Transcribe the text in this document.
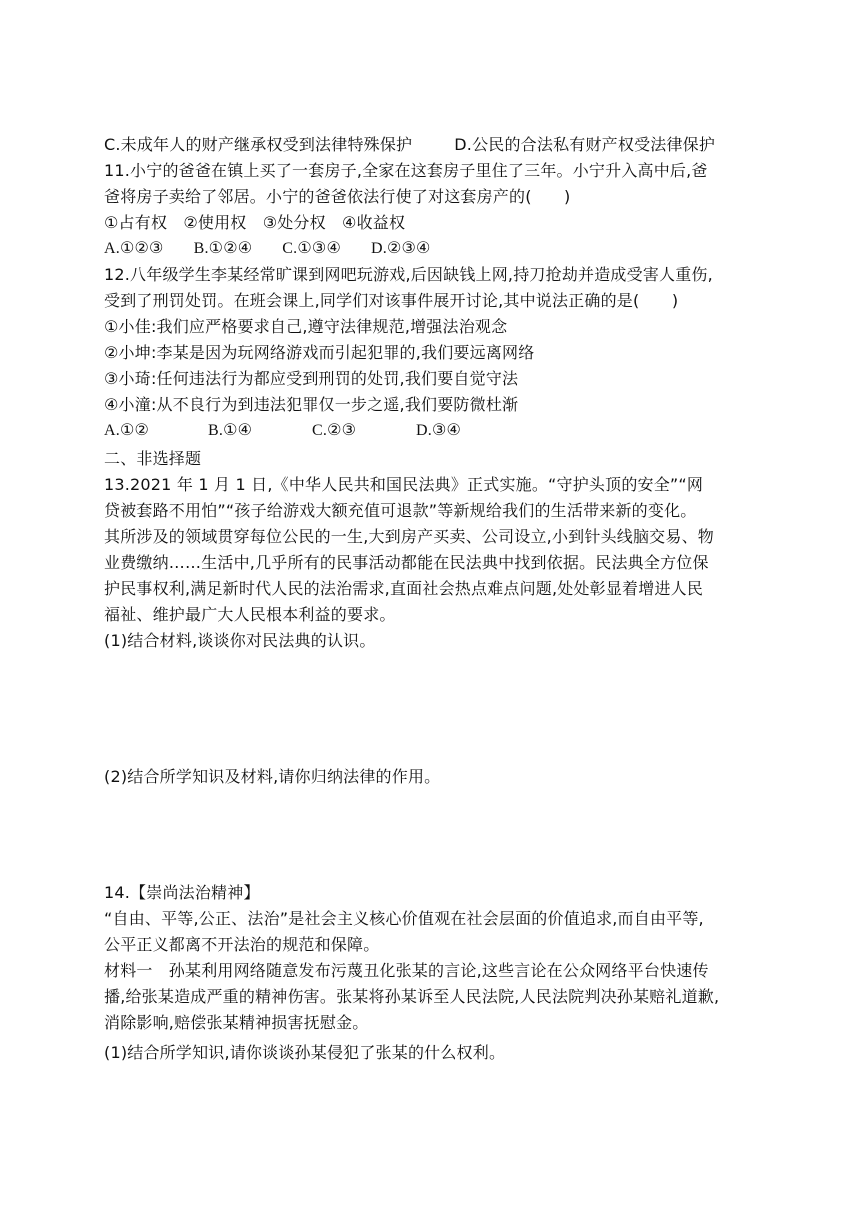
C.未成年人的财产继承权受到法律特殊保护	D.公民的合法私有财产权受法律保护
11.小宁的爸爸在镇上买了一套房子,全家在这套房子里住了三年。小宁升入高中后,爸
爸将房子卖给了邻居。小宁的爸爸依法行使了对这套房产的(　　)
①占有权　②使用权　③处分权　④收益权
A.①②③ B.①②④ C.①③④ D.②③④
12.八年级学生李某经常旷课到网吧玩游戏,后因缺钱上网,持刀抢劫并造成受害人重伤,
受到了刑罚处罚。在班会课上,同学们对该事件展开讨论,其中说法正确的是(　　)
①小佳:我们应严格要求自己,遵守法律规范,增强法治观念
②小坤:李某是因为玩网络游戏而引起犯罪的,我们要远离网络
③小琦:任何违法行为都应受到刑罚的处罚,我们要自觉守法
④小潼:从不良行为到违法犯罪仅一步之遥,我们要防微杜渐
A.①②	B.①④	C.②③	D.③④
二、非选择题
13.2021 年 1 月 1 日,《中华人民共和国民法典》正式实施。“守护头顶的安全”“网
贷被套路不用怕”“孩子给游戏大额充值可退款”等新规给我们的生活带来新的变化。
其所涉及的领域贯穿每位公民的一生,大到房产买卖、公司设立,小到针头线脑交易、物
业费缴纳……生活中,几乎所有的民事活动都能在民法典中找到依据。民法典全方位保
护民事权利,满足新时代人民的法治需求,直面社会热点难点问题,处处彰显着增进人民
福祉、维护最广大人民根本利益的要求。
(1)结合材料,谈谈你对民法典的认识。
(2)结合所学知识及材料,请你归纳法律的作用。
14.【崇尚法治精神】
“自由、平等,公正、法治”是社会主义核心价值观在社会层面的价值追求,而自由平等,
公平正义都离不开法治的规范和保障。
材料一　孙某利用网络随意发布污蔑丑化张某的言论,这些言论在公众网络平台快速传
播,给张某造成严重的精神伤害。张某将孙某诉至人民法院,人民法院判决孙某赔礼道歉,
消除影响,赔偿张某精神损害抚慰金。
(1)结合所学知识,请你谈谈孙某侵犯了张某的什么权利。
